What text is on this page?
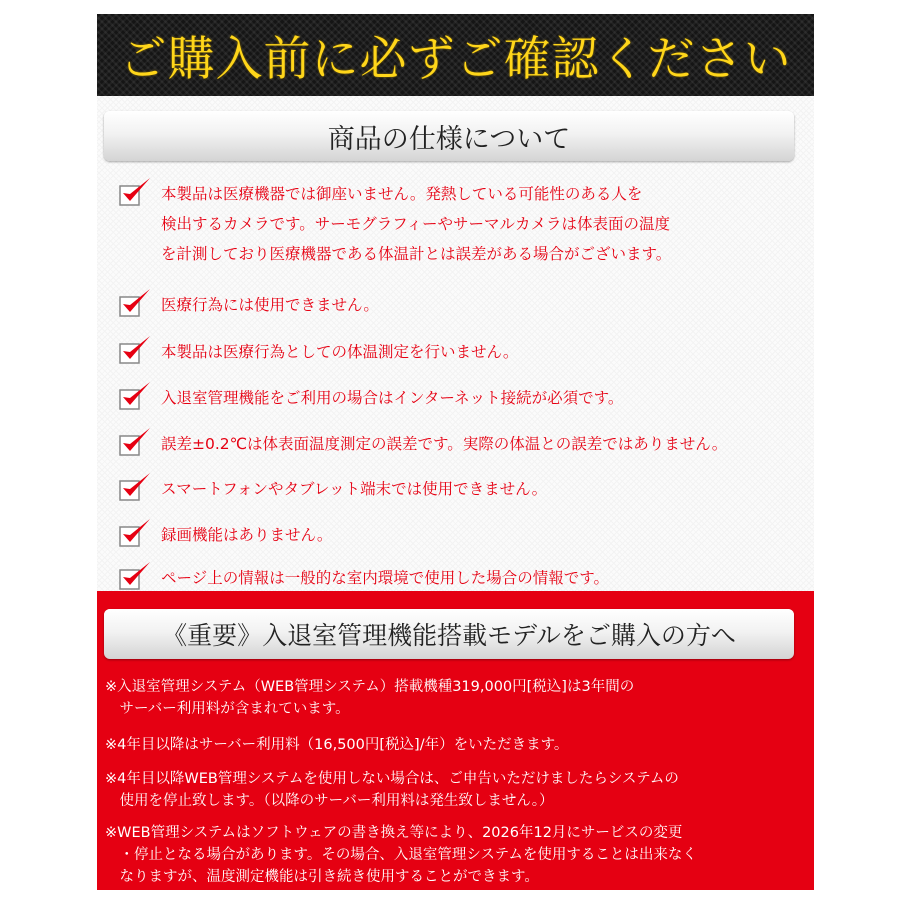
ご購入前に必ずご確認ください
商品の仕様について
本製品は医療機器では御座いません。発熱している可能性のある人を
検出するカメラです。サーモグラフィーやサーマルカメラは体表面の温度
を計測しており医療機器である体温計とは誤差がある場合がございます。
医療行為には使用できません。
本製品は医療行為としての体温測定を行いません。
入退室管理機能をご利用の場合はインターネット接続が必須です。
誤差±0.2℃は体表面温度測定の誤差です。実際の体温との誤差ではありません。
スマートフォンやタブレット端末では使用できません。
録画機能はありません。
ページ上の情報は一般的な室内環境で使用した場合の情報です。
《重要》入退室管理機能搭載モデルをご購入の方へ
※入退室管理システム（WEB管理システム）搭載機種319,000円[税込]は3年間の
　サーバー利用料が含まれています。
※4年目以降はサーバー利用料（16,500円[税込]/年）をいただきます。
※4年目以降WEB管理システムを使用しない場合は、ご申告いただけましたらシステムの
　使用を停止致します。（以降のサーバー利用料は発生致しません。）
※WEB管理システムはソフトウェアの書き換え等により、2026年12月にサービスの変更
　・停止となる場合があります。その場合、入退室管理システムを使用することは出来なく
　なりますが、温度測定機能は引き続き使用することができます。
